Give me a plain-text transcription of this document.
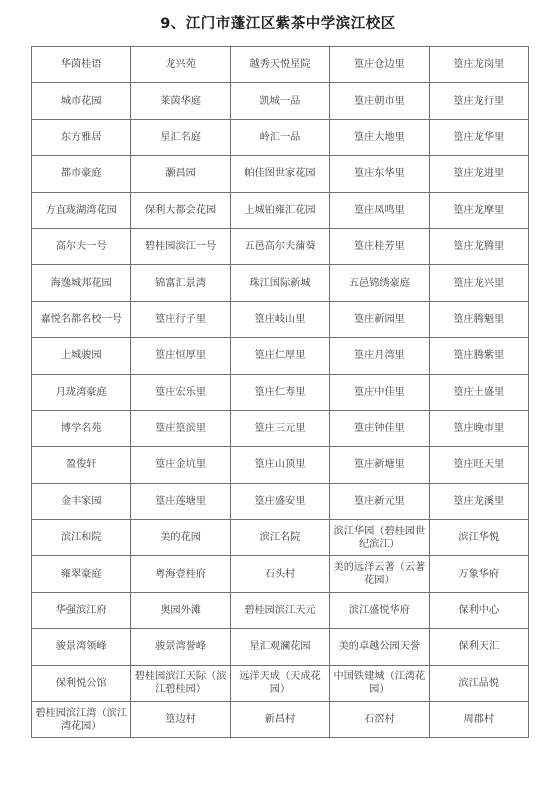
9、江门市蓬江区紫茶中学滨江校区
华茵桂语	龙兴苑	越秀天悦星院	篁庄仓边里	篁庄龙岗里
城市花园	莱茵华庭	凯城一品	篁庄朝市里	篁庄龙行里
东方雅居	星汇名庭	岭汇一品	篁庄大地里	篁庄龙华里
都市豪庭	灏昌园	帕佳图世家花园	篁庄东华里	篁庄龙进里
方直珑湖湾花园	保利大都会花园	上城铂雍汇花园	篁庄凤鸣里	篁庄龙摩里
高尔夫一号	碧桂园滨江一号	五邑高尔夫蒲葵	篁庄桂芳里	篁庄龙腾里
海逸城邦花园	锦富汇景湾	珠江国际新城	五邑锦绣豪庭	篁庄龙兴里
嘉悦名都名校一号	篁庄行子里	篁庄岐山里	篁庄新园里	篁庄腾魁里
上城骏园	篁庄恒厚里	篁庄仁厚里	篁庄月湾里	篁庄腾紫里
月珑湾豪庭	篁庄宏乐里	篁庄仁寿里	篁庄中佳里	篁庄土盛里
博学名苑	篁庄篁滨里	篁庄三元里	篁庄钟佳里	篁庄晚市里
盈俊轩	篁庄金坑里	篁庄山顶里	篁庄新塘里	篁庄旺天里
金丰家园	篁庄莲塘里	篁庄盛安里	篁庄新元里	篁庄龙溪里
滨江和院	美的花园	滨江名院	滨江华园（碧桂园世纪滨江）	滨江华悦
雍翠豪庭	粤海壹桂府	石头村	美的远洋云著（云著花园）	万象华府
华强滨江府	奥园外滩	碧桂园滨江天元	滨江盛悦华府	保利中心
骏景湾领峰	骏景湾誉峰	星汇观澜花园	美的卓越公园天誉	保利天汇
保利悦公馆	碧桂园滨江天际（滨江碧桂园）	远洋天成（天成花园）	中国铁建城（江湾花园）	滨江品悦
碧桂园滨江湾（滨江湾花园）	篁边村	新昌村	石滘村	周郡村
